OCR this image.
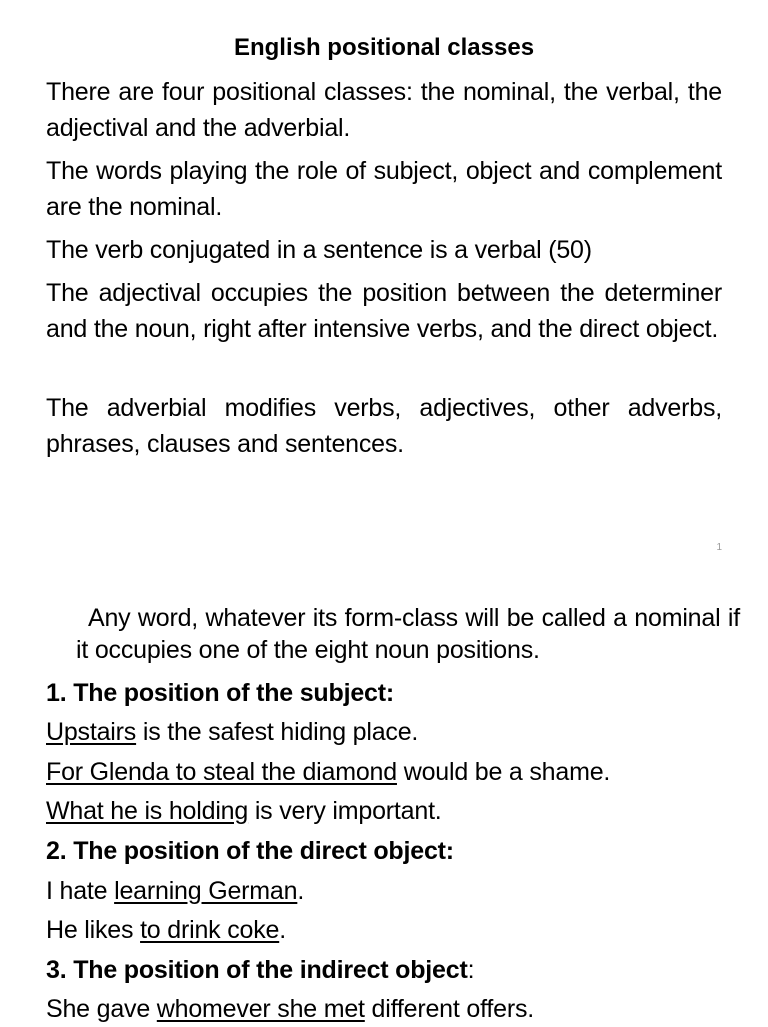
English positional classes

There are four positional classes: the nominal, the verbal, the adjectival and the adverbial.

The words playing the role of subject, object and complement are the nominal.

The verb conjugated in a sentence is a verbal (50)

The adjectival occupies the position between the determiner and the noun, right after intensive verbs, and the direct object.

The adverbial modifies verbs, adjectives, other adverbs, phrases, clauses and sentences.

1

Any word, whatever its form-class will be called a nominal if it occupies one of the eight noun positions.

1. The position of the subject:

Upstairs is the safest hiding place.

For Glenda to steal the diamond would be a shame.

What he is holding is very important.

2. The position of the direct object:

I hate learning German.

He likes to drink coke.

3. The position of the indirect object:

She gave whomever she met different offers.
